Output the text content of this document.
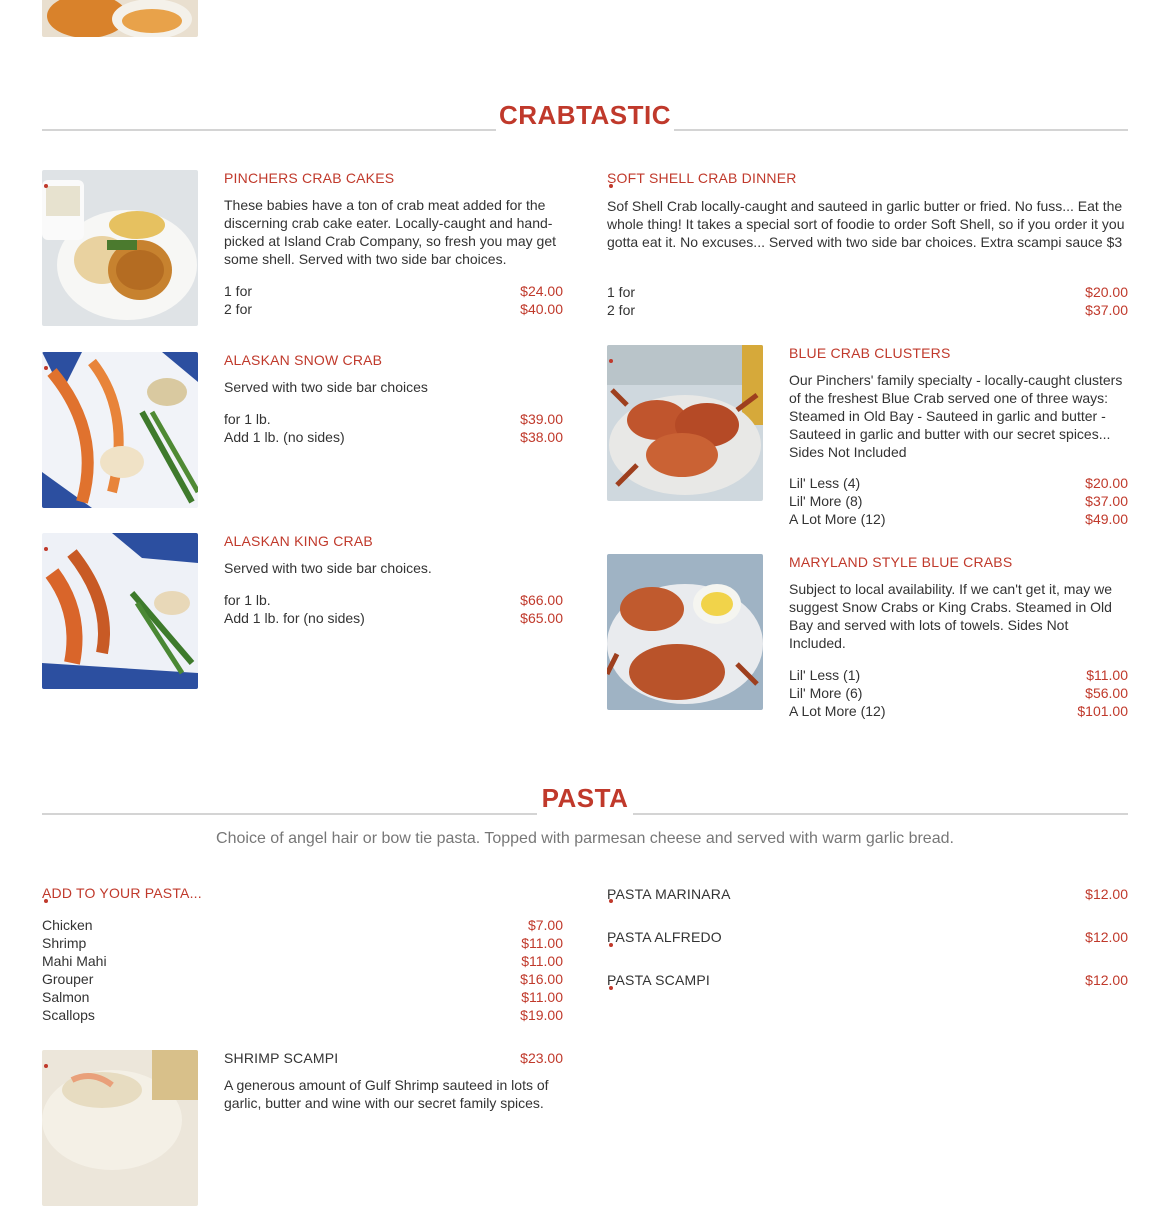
CRABTASTIC
PINCHERS CRAB CAKES
These babies have a ton of crab meat added for the discerning crab cake eater. Locally-caught and hand-picked at Island Crab Company, so fresh you may get some shell. Served with two side bar choices.
1 for	$24.00
2 for	$40.00
SOFT SHELL CRAB DINNER
Sof Shell Crab locally-caught and sauteed in garlic butter or fried. No fuss... Eat the whole thing! It takes a special sort of foodie to order Soft Shell, so if you order it you gotta eat it. No excuses... Served with two side bar choices. Extra scampi sauce $3
1 for	$20.00
2 for	$37.00
ALASKAN SNOW CRAB
Served with two side bar choices
for 1 lb.	$39.00
Add 1 lb. (no sides)	$38.00
BLUE CRAB CLUSTERS
Our Pinchers' family specialty - locally-caught clusters of the freshest Blue Crab served one of three ways: Steamed in Old Bay - Sauteed in garlic and butter - Sauteed in garlic and butter with our secret spices... Sides Not Included
Lil' Less (4)	$20.00
Lil' More (8)	$37.00
A Lot More (12)	$49.00
ALASKAN KING CRAB
Served with two side bar choices.
for 1 lb.	$66.00
Add 1 lb. for (no sides)	$65.00
MARYLAND STYLE BLUE CRABS
Subject to local availability. If we can't get it, may we suggest Snow Crabs or King Crabs. Steamed in Old Bay and served with lots of towels. Sides Not Included.
Lil' Less (1)	$11.00
Lil' More (6)	$56.00
A Lot More (12)	$101.00
PASTA
Choice of angel hair or bow tie pasta. Topped with parmesan cheese and served with warm garlic bread.
ADD TO YOUR PASTA...
Chicken	$7.00
Shrimp	$11.00
Mahi Mahi	$11.00
Grouper	$16.00
Salmon	$11.00
Scallops	$19.00
PASTA MARINARA	$12.00
PASTA ALFREDO	$12.00
PASTA SCAMPI	$12.00
SHRIMP SCAMPI	$23.00
A generous amount of Gulf Shrimp sauteed in lots of garlic, butter and wine with our secret family spices.
